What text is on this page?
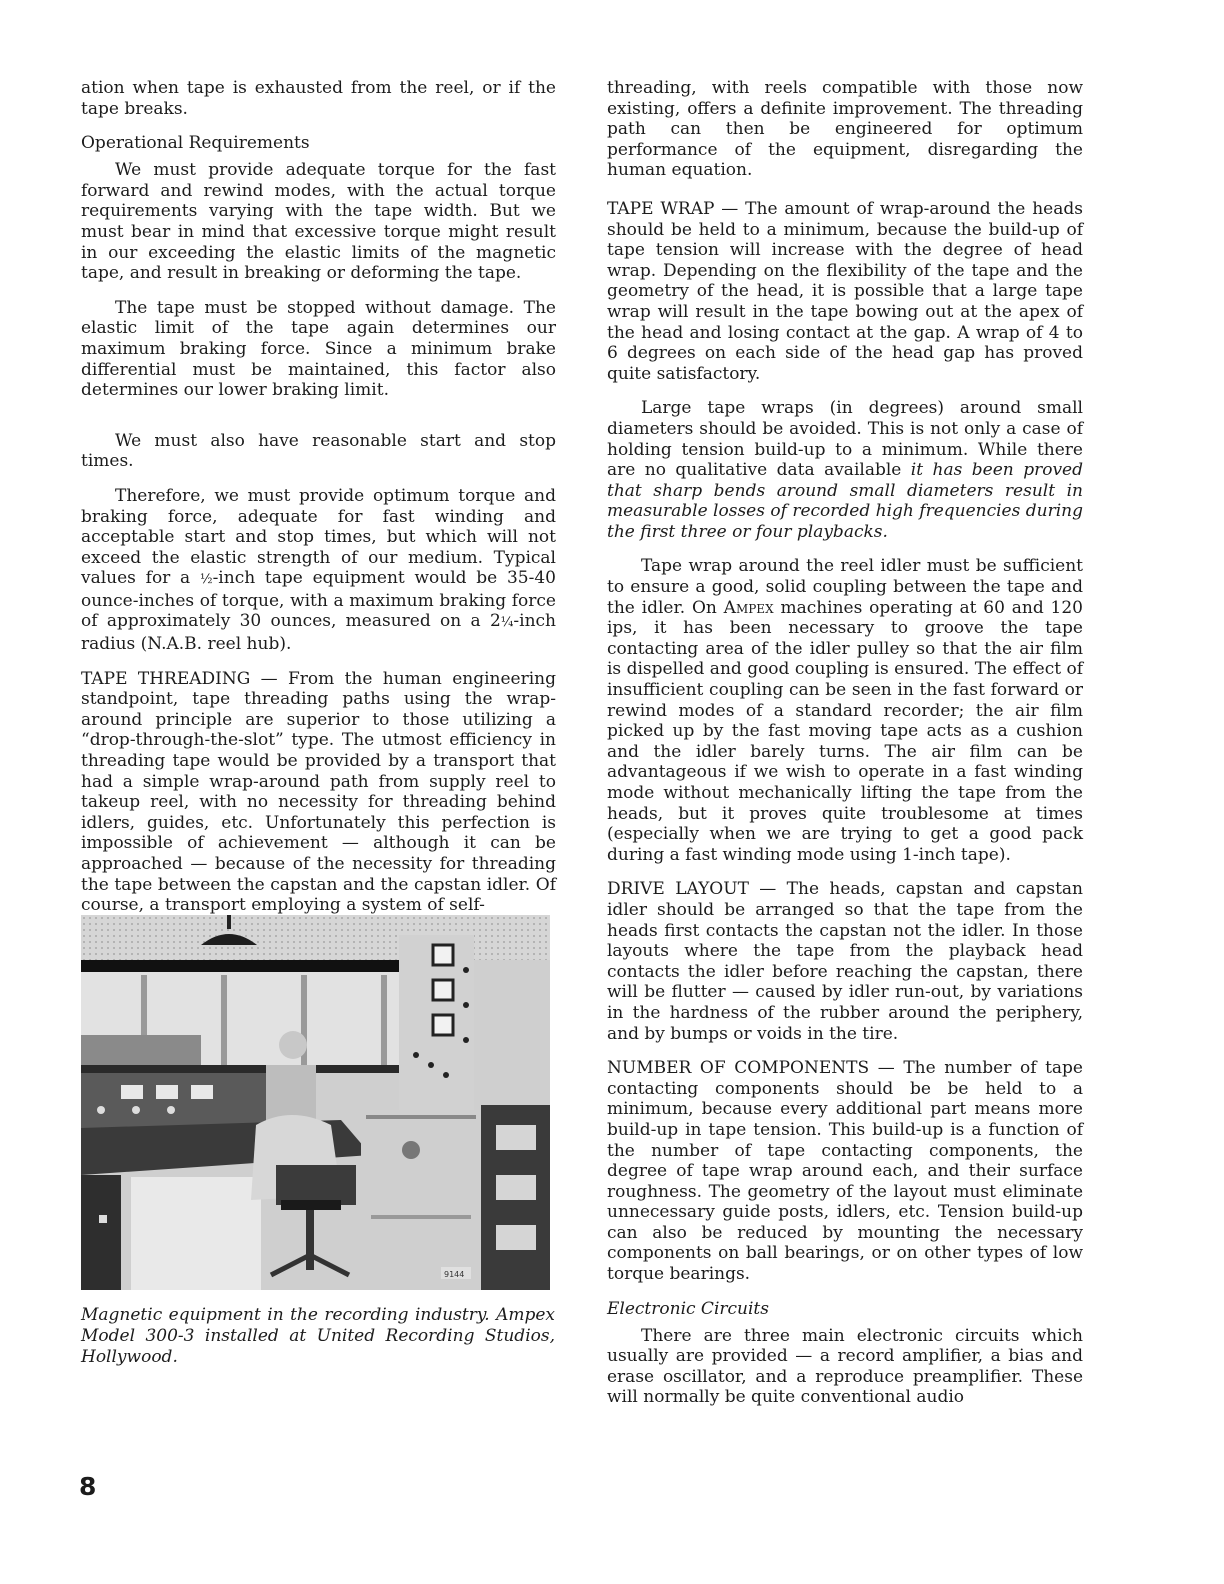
ation when tape is exhausted from the reel, or if the tape breaks.

Operational Requirements

We must provide adequate torque for the fast forward and rewind modes, with the actual torque requirements varying with the tape width. But we must bear in mind that excessive torque might result in our exceeding the elastic limits of the magnetic tape, and result in breaking or deforming the tape.

The tape must be stopped without damage. The elastic limit of the tape again determines our maximum braking force. Since a minimum brake differential must be maintained, this factor also determines our lower braking limit.

We must also have reasonable start and stop times.

Therefore, we must provide optimum torque and braking force, adequate for fast winding and acceptable start and stop times, but which will not exceed the elastic strength of our medium. Typical values for a ½-inch tape equipment would be 35-40 ounce-inches of torque, with a maximum braking force of approximately 30 ounces, measured on a 2¼-inch radius (N.A.B. reel hub).

TAPE THREADING — From the human engineering standpoint, tape threading paths using the wrap-around principle are superior to those utilizing a “drop-through-the-slot” type. The utmost efficiency in threading tape would be provided by a transport that had a simple wrap-around path from supply reel to takeup reel, with no necessity for threading behind idlers, guides, etc. Unfortunately this perfection is impossible of achievement — although it can be approached — because of the necessity for threading the tape between the capstan and the capstan idler. Of course, a transport employing a system of self-

9144

Magnetic equipment in the recording industry. Ampex Model 300-3 installed at United Recording Studios, Hollywood.

threading, with reels compatible with those now existing, offers a definite improvement. The threading path can then be engineered for optimum performance of the equipment, disregarding the human equation.

TAPE WRAP — The amount of wrap-around the heads should be held to a minimum, because the build-up of tape tension will increase with the degree of head wrap. Depending on the flexibility of the tape and the geometry of the head, it is possible that a large tape wrap will result in the tape bowing out at the apex of the head and losing contact at the gap. A wrap of 4 to 6 degrees on each side of the head gap has proved quite satisfactory.

Large tape wraps (in degrees) around small diameters should be avoided. This is not only a case of holding tension build-up to a minimum. While there are no qualitative data available it has been proved that sharp bends around small diameters result in measurable losses of recorded high frequencies during the first three or four playbacks.

Tape wrap around the reel idler must be sufficient to ensure a good, solid coupling between the tape and the idler. On Ampex machines operating at 60 and 120 ips, it has been necessary to groove the tape contacting area of the idler pulley so that the air film is dispelled and good coupling is ensured. The effect of insufficient coupling can be seen in the fast forward or rewind modes of a standard recorder; the air film picked up by the fast moving tape acts as a cushion and the idler barely turns. The air film can be advantageous if we wish to operate in a fast winding mode without mechanically lifting the tape from the heads, but it proves quite troublesome at times (especially when we are trying to get a good pack during a fast winding mode using 1-inch tape).

DRIVE LAYOUT — The heads, capstan and capstan idler should be arranged so that the tape from the heads first contacts the capstan not the idler. In those layouts where the tape from the playback head contacts the idler before reaching the capstan, there will be flutter — caused by idler run-out, by variations in the hardness of the rubber around the periphery, and by bumps or voids in the tire.

NUMBER OF COMPONENTS — The number of tape contacting components should be be held to a minimum, because every additional part means more build-up in tape tension. This build-up is a function of the number of tape contacting components, the degree of tape wrap around each, and their surface roughness. The geometry of the layout must eliminate unnecessary guide posts, idlers, etc. Tension build-up can also be reduced by mounting the necessary components on ball bearings, or on other types of low torque bearings.

Electronic Circuits

There are three main electronic circuits which usually are provided — a record amplifier, a bias and erase oscillator, and a reproduce preamplifier. These will normally be quite conventional audio

8
